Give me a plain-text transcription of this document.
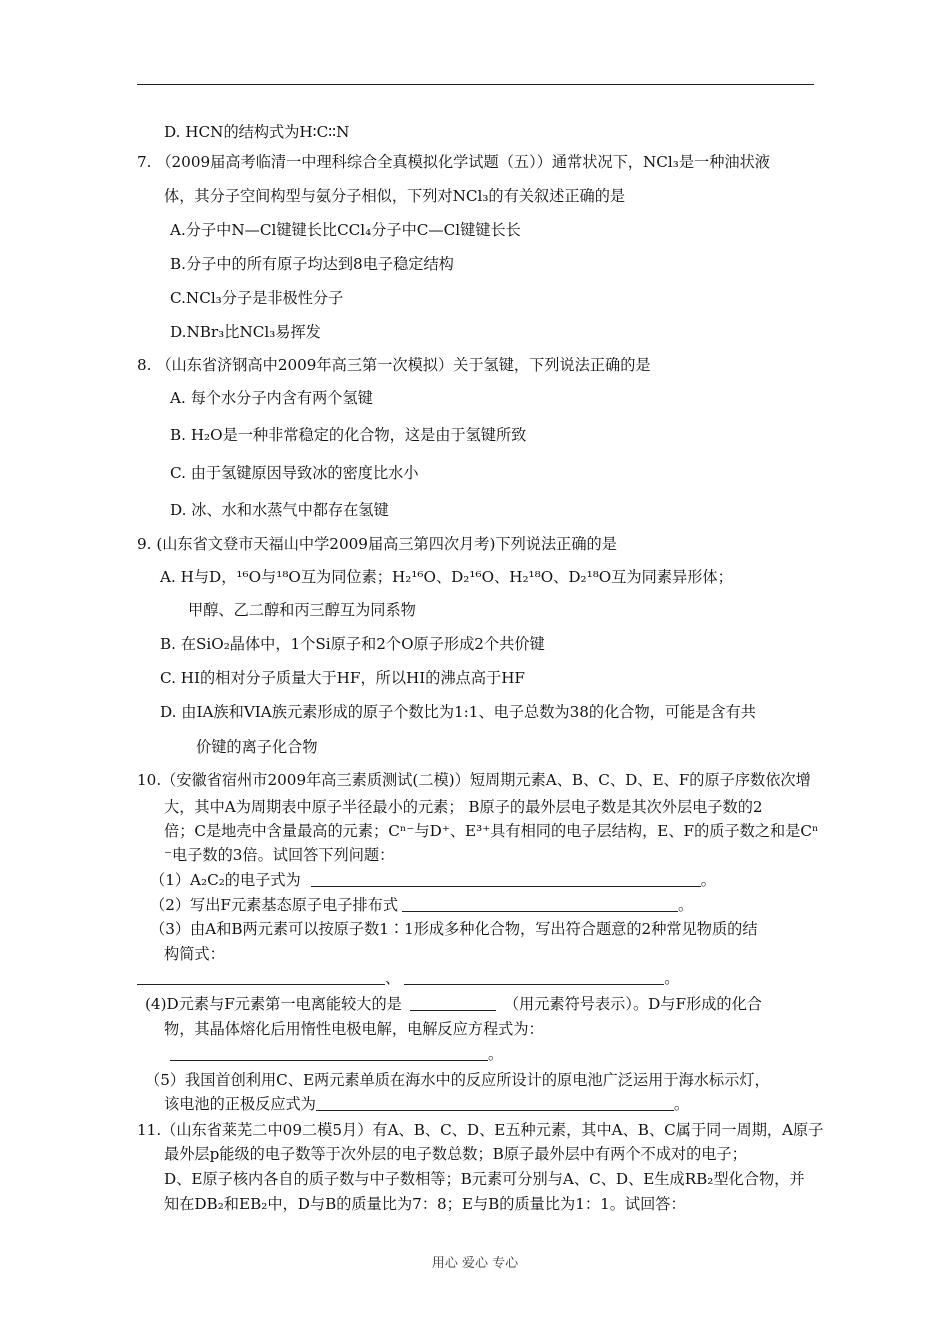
D. HCN的结构式为H∶C∶∶N
7. （2009届高考临清一中理科综合全真模拟化学试题（五））通常状况下，NCl₃是一种油状液
体，其分子空间构型与氨分子相似，下列对NCl₃的有关叙述正确的是
A.分子中N—Cl键键长比CCl₄分子中C—Cl键键长长
B.分子中的所有原子均达到8电子稳定结构
C.NCl₃分子是非极性分子
D.NBr₃比NCl₃易挥发
8. （山东省济钢高中2009年高三第一次模拟）关于氢键，下列说法正确的是
A. 每个水分子内含有两个氢键
B. H₂O是一种非常稳定的化合物，这是由于氢键所致
C. 由于氢键原因导致冰的密度比水小
D. 冰、水和水蒸气中都存在氢键
9. (山东省文登市天福山中学2009届高三第四次月考)下列说法正确的是
A. H与D，¹⁶O与¹⁸O互为同位素；H₂¹⁶O、D₂¹⁶O、H₂¹⁸O、D₂¹⁸O互为同素异形体；
甲醇、乙二醇和丙三醇互为同系物
B. 在SiO₂晶体中，1个Si原子和2个O原子形成2个共价键
C. HI的相对分子质量大于HF，所以HI的沸点高于HF
D. 由IA族和VIA族元素形成的原子个数比为1:1、电子总数为38的化合物，可能是含有共
价键的离子化合物
10.（安徽省宿州市2009年高三素质测试(二模)）短周期元素A、B、C、D、E、F的原子序数依次增
大，其中A为周期表中原子半径最小的元素； B原子的最外层电子数是其次外层电子数的2
倍；C是地壳中含量最高的元素；Cⁿ⁻与D⁺、E³⁺具有相同的电子层结构，E、F的质子数之和是Cⁿ
⁻电子数的3倍。试回答下列问题：
（1）A₂C₂的电子式为	。
（2）写出F元素基态原子电子排布式	。
（3）由A和B两元素可以按原子数1∶1形成多种化合物，写出符合题意的2种常见物质的结
构简式：
、	。
(4)D元素与F元素第一电离能较大的是	（用元素符号表示）。D与F形成的化合
物，其晶体熔化后用惰性电极电解，电解反应方程式为：
。
（5）我国首创利用C、E两元素单质在海水中的反应所设计的原电池广泛运用于海水标示灯，
该电池的正极反应式为	。
11.（山东省莱芜二中09二模5月）有A、B、C、D、E五种元素，其中A、B、C属于同一周期，A原子
最外层p能级的电子数等于次外层的电子数总数；B原子最外层中有两个不成对的电子；
D、E原子核内各自的质子数与中子数相等；B元素可分别与A、C、D、E生成RB₂型化合物，并
知在DB₂和EB₂中，D与B的质量比为7：8；E与B的质量比为1：1。试回答：
用心 爱心 专心
